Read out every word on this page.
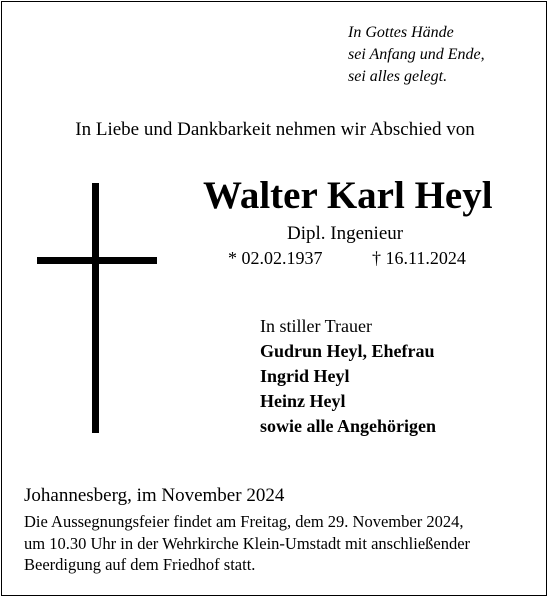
In Gottes Hände
sei Anfang und Ende,
sei alles gelegt.
In Liebe und Dankbarkeit nehmen wir Abschied von
Walter Karl Heyl
Dipl. Ingenieur
* 02.02.1937	† 16.11.2024
In stiller Trauer
Gudrun Heyl, Ehefrau
Ingrid Heyl
Heinz Heyl
sowie alle Angehörigen
Johannesberg, im November 2024
Die Aussegnungsfeier findet am Freitag, dem 29. November 2024,
um 10.30 Uhr in der Wehrkirche Klein-Umstadt mit anschließender
Beerdigung auf dem Friedhof statt.
